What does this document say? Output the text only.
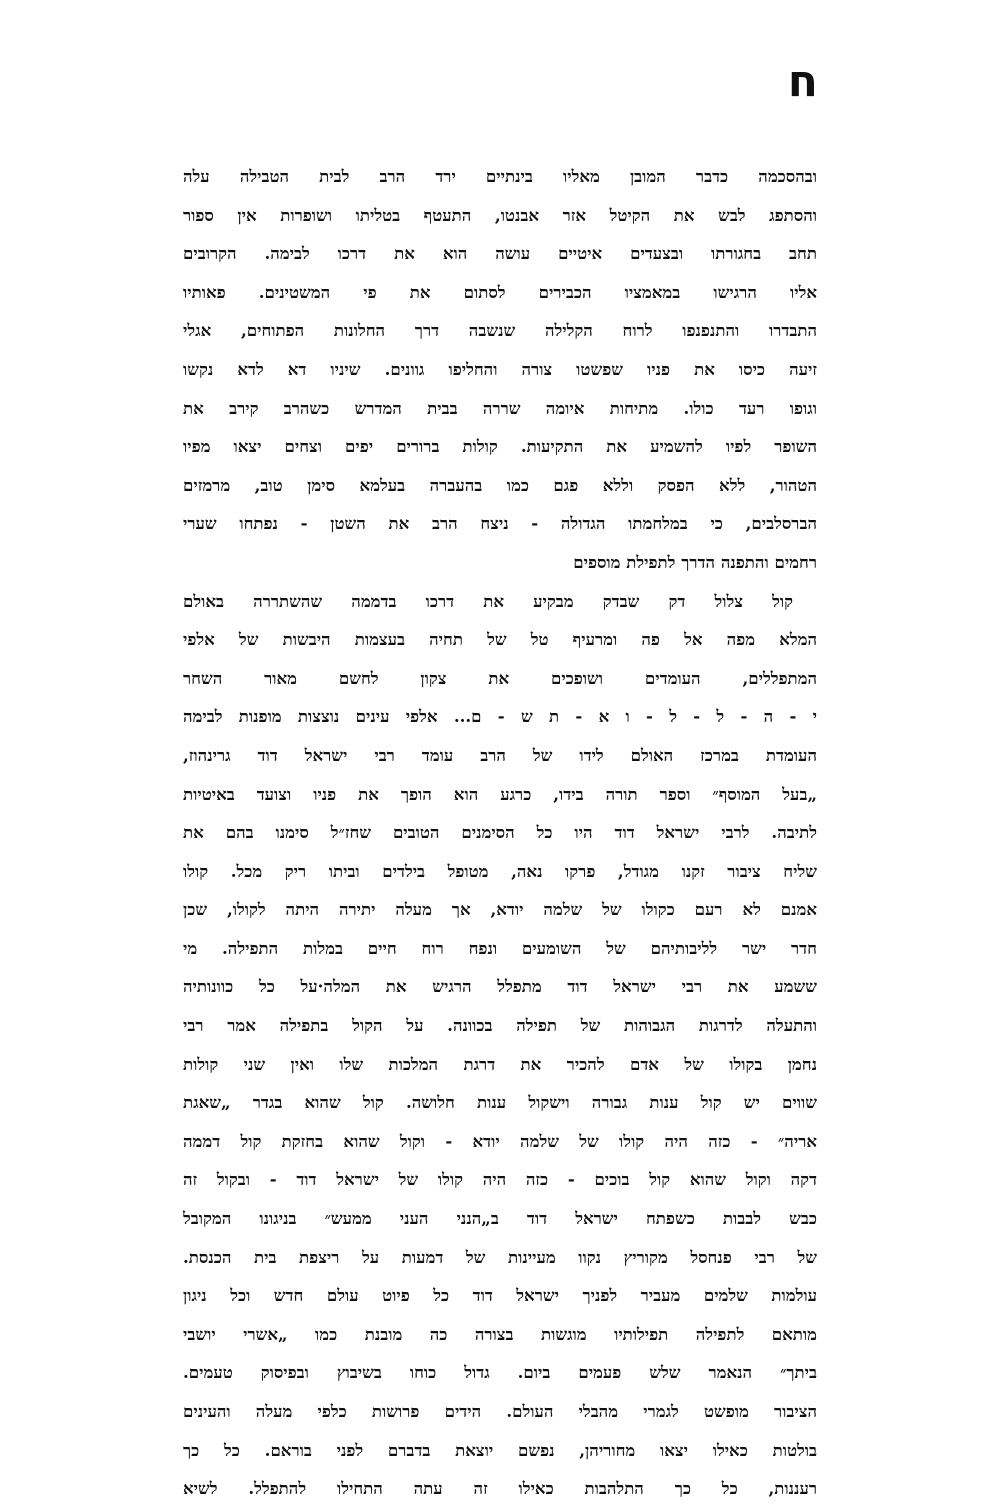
ח
ובהסכמה כדבר המובן מאליו בינתיים ירד הרב לבית הטבילה עלה
והסתפג לבש את הקיטל אזר אבנטו, התעטף בטליתו ושופרות אין ספור
תחב בחגורתו ובצעדים איטיים עושה הוא את דרכו לבימה. הקרובים
אליו הרגישו במאמציו הכבירים לסתום את פי המשטינים. פאותיו
התבדרו והתנפנפו לרוח הקלילה שנשבה דרך החלונות הפתוחים, אגלי
זיעה כיסו את פניו שפשטו צורה והחליפו גוונים. שיניו דא לדא נקשו
וגופו רעד כולו. מתיחות איומה שררה בבית המדרש כשהרב קירב את
השופר לפיו להשמיע את התקיעות. קולות ברורים יפים וצחים יצאו מפיו
הטהור, ללא הפסק וללא פגם כמו בהעברה בעלמא סימן טוב, מרמזים
הברסלבים, כי במלחמתו הגדולה - ניצח הרב את השטן - נפתחו שערי
רחמים והתפנה הדרך לתפילת מוספים
קול צלול דק שבדק מבקיע את דרכו בדממה שהשתררה באולם
המלא מפה אל פה ומרעיף טל של תחיה בעצמות היבשות של אלפי
המתפללים, העומדים ושופכים את צקון לחשם מאור השחר
י - ה - ל - ל - ו א - ת ש - ם... אלפי עינים נוצצות מופנות לבימה
העומדת במרכז האולם לידו של הרב עומד רבי ישראל דוד גרינהוז,
„בעל המוסף״ וספר תורה בידו, כרגע הוא הופך את פניו וצועד באיטיות
לתיבה. לרבי ישראל דוד היו כל הסימנים הטובים שחז״ל סימנו בהם את
שליח ציבור זקנו מגודל, פרקו נאה, מטופל בילדים וביתו ריק מכל. קולו
אמנם לא רעם כקולו של שלמה יודא, אך מעלה יתירה היתה לקולו, שכן
חדר ישר לליבותיהם של השומעים ונפח רוח חיים במלות התפילה. מי
ששמע את רבי ישראל דוד מתפלל הרגיש את המלה·על כל כוונותיה
והתעלה לדרגות הגבוהות של תפילה בכוונה. על הקול בתפילה אמר רבי
נחמן בקולו של אדם להכיר את דרגת המלכות שלו ואין שני קולות
שווים יש קול ענות גבורה וישקול ענות חלושה. קול שהוא בגדר „שאגת
אריה״ - כזה היה קולו של שלמה יודא - וקול שהוא בחזקת קול דממה
דקה וקול שהוא קול בוכים - כזה היה קולו של ישראל דוד - ובקול זה
כבש לבבות כשפתח ישראל דוד ב„הנני העני ממעש״ בניגונו המקובל
של רבי פנחסל מקוריץ נקוו מעיינות של דמעות על ריצפת בית הכנסת.
עולמות שלמים מעביר לפניך ישראל דוד כל פיוט עולם חדש וכל ניגון
מותאם לתפילה תפילותיו מוגשות בצורה כה מובנת כמו „אשרי יושבי
ביתך״ הנאמר שלש פעמים ביום. גדול כוחו בשיבוץ ובפיסוק טעמים.
הציבור מופשט לגמרי מהבלי העולם. הידים פרושות כלפי מעלה והעינים
בולטות כאילו יצאו מחוריהן, נפשם יוצאת בדברם לפני בוראם. כל כך
רעננות, כל כך התלהבות כאילו זה עתה התחילו להתפלל. לשיא
